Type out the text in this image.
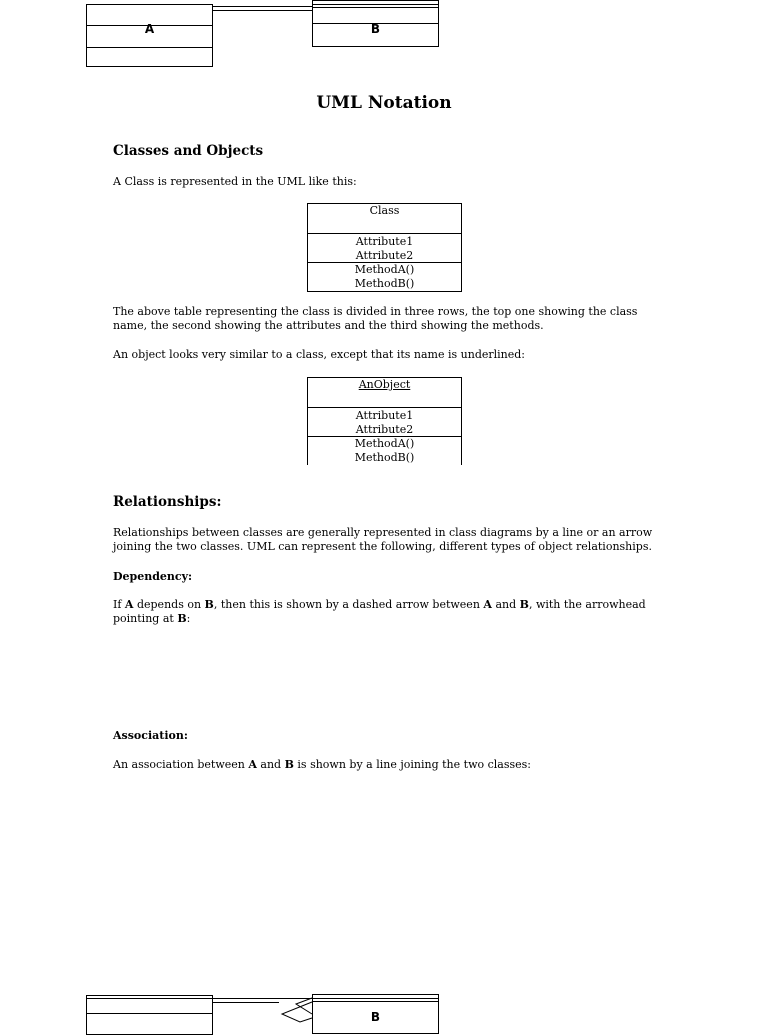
A	B
UML Notation
Classes and Objects
A Class is represented in the UML like this:
Class
Attribute1
Attribute2
MethodA()
MethodB()
The above table representing the class is divided in three rows, the top one showing the class name, the second showing the attributes and the third showing the methods.
An object looks very similar to a class, except that its name is underlined:
AnObject
Attribute1
Attribute2
MethodA()
MethodB()
Relationships:
Relationships between classes are generally represented in class diagrams by a line or an arrow joining the two classes. UML can represent the following, different types of object relationships.
Dependency:
If A depends on B, then this is shown by a dashed arrow between A and B, with the arrowhead pointing at B:
Association:
An association between A and B is shown by a line joining the two classes:
B
